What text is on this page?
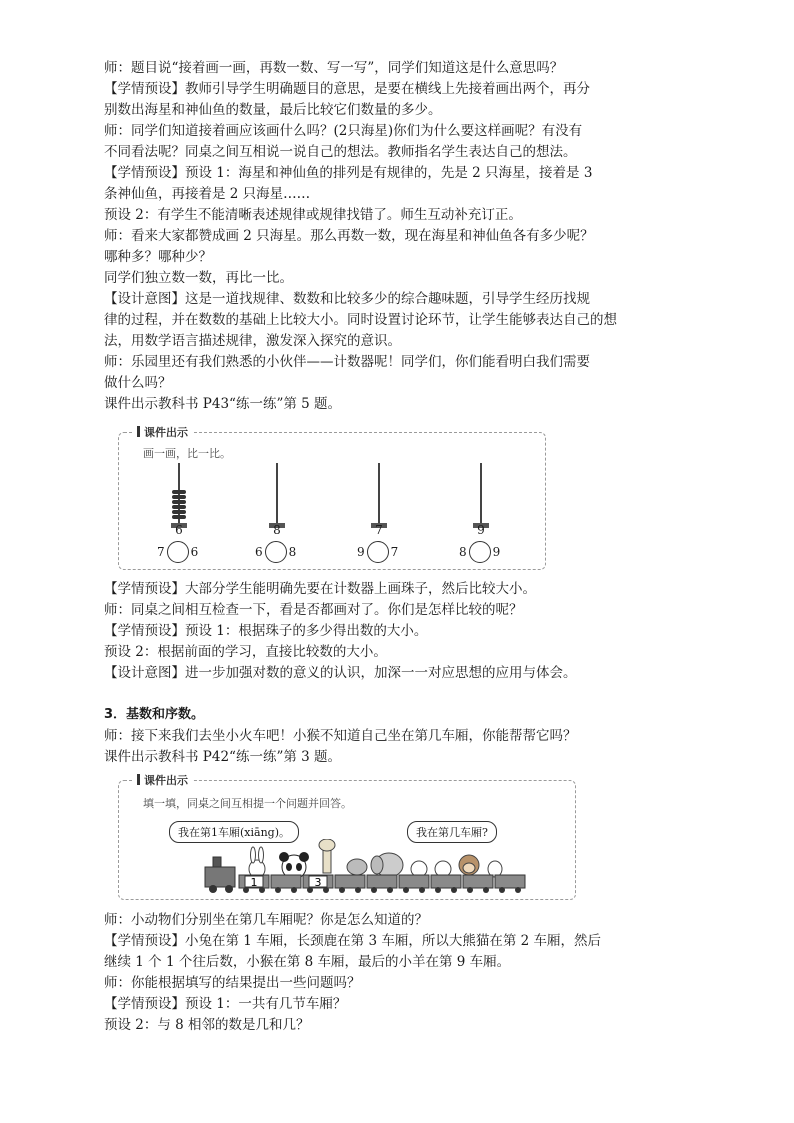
师：题目说“接着画一画，再数一数、写一写”，同学们知道这是什么意思吗？
【学情预设】教师引导学生明确题目的意思，是要在横线上先接着画出两个，再分
别数出海星和神仙鱼的数量，最后比较它们数量的多少。
师：同学们知道接着画应该画什么吗？(2只海星)你们为什么要这样画呢？有没有
不同看法呢？同桌之间互相说一说自己的想法。教师指名学生表达自己的想法。
【学情预设】预设 1：海星和神仙鱼的排列是有规律的，先是 2 只海星，接着是 3
条神仙鱼，再接着是 2 只海星……
预设 2：有学生不能清晰表述规律或规律找错了。师生互动补充订正。
师：看来大家都赞成画 2 只海星。那么再数一数，现在海星和神仙鱼各有多少呢？
哪种多？哪种少？
同学们独立数一数，再比一比。
【设计意图】这是一道找规律、数数和比较多少的综合趣味题，引导学生经历找规
律的过程，并在数数的基础上比较大小。同时设置讨论环节，让学生能够表达自己的想
法，用数学语言描述规律，激发深入探究的意识。
师：乐园里还有我们熟悉的小伙伴——计数器呢！同学们，你们能看明白我们需要
做什么吗？
课件出示教科书 P43“练一练”第 5 题。
课件出示
画一画，比一比。
6	8	7	9
7 6	6 8	9 7	8 9
【学情预设】大部分学生能明确先要在计数器上画珠子，然后比较大小。
师：同桌之间相互检查一下，看是否都画对了。你们是怎样比较的呢？
【学情预设】预设 1：根据珠子的多少得出数的大小。
预设 2：根据前面的学习，直接比较数的大小。
【设计意图】进一步加强对数的意义的认识，加深一一对应思想的应用与体会。
3．基数和序数。
师：接下来我们去坐小火车吧！小猴不知道自己坐在第几车厢，你能帮帮它吗？
课件出示教科书 P42“练一练”第 3 题。
课件出示
填一填，同桌之间互相提一个问题并回答。
我在第1车厢(xiāng)。	我在第几车厢?
1	3
师：小动物们分别坐在第几车厢呢？你是怎么知道的？
【学情预设】小兔在第 1 车厢，长颈鹿在第 3 车厢，所以大熊猫在第 2 车厢，然后
继续 1 个 1 个往后数，小猴在第 8 车厢，最后的小羊在第 9 车厢。
师：你能根据填写的结果提出一些问题吗？
【学情预设】预设 1：一共有几节车厢？
预设 2：与 8 相邻的数是几和几？
